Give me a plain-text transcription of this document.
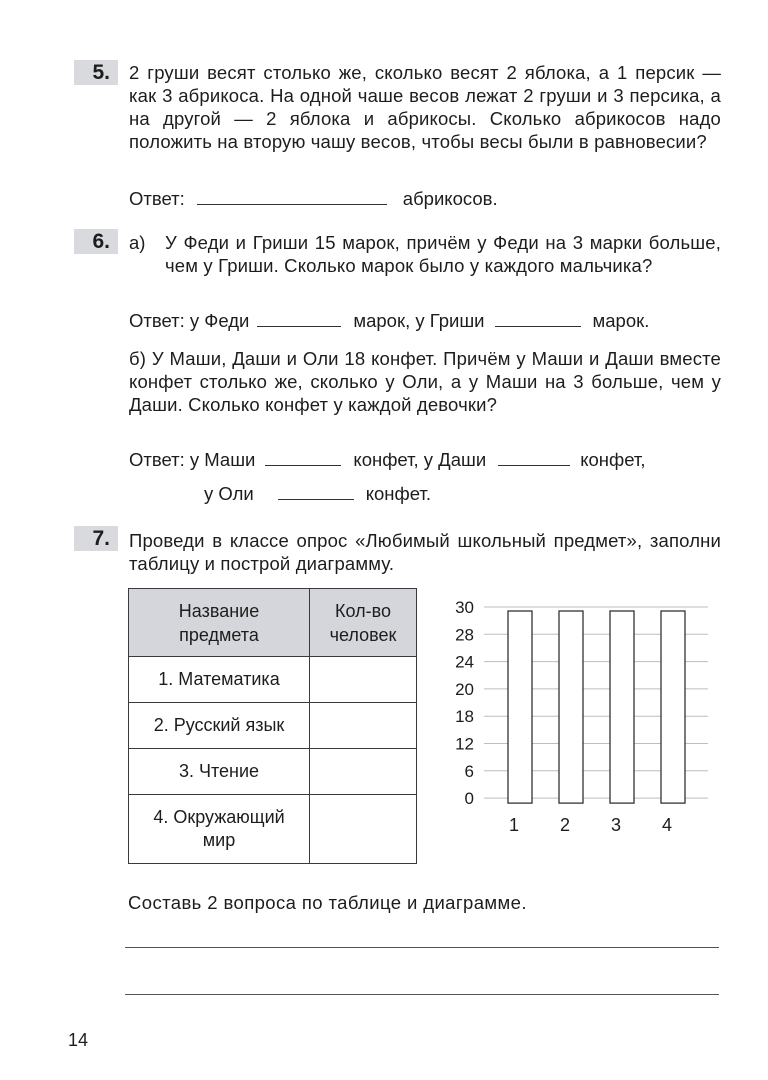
5.	2 груши весят столько же, сколько весят 2 яблока, а 1 персик — как 3 абрикоса. На одной чаше весов лежат 2 груши и 3 персика, а на другой — 2 яблока и абрикосы. Сколько абрикосов надо положить на вторую чашу весов, чтобы весы были в равновесии?

Ответ:	абрикосов.
6.	а) У Феди и Гриши 15 марок, причём у Феди на 3 марки больше, чем у Гриши. Сколько марок было у каждого мальчика?

Ответ: у Феди	марок, у Гриши	марок.

б) У Маши, Даши и Оли 18 конфет. Причём у Маши и Даши вместе конфет столько же, сколько у Оли, а у Маши на 3 больше, чем у Даши. Сколько конфет у каждой девочки?

Ответ: у Маши	конфет, у Даши	конфет,
у Оли	конфет.
7.	Проведи в классе опрос «Любимый школьный предмет», заполни таблицу и построй диаграмму.

Название предмета	Кол-во человек

1. Математика	
2. Русский язык	
3. Чтение	

4. Окружающий мир	

30
28
24
20
18
12
6
0
1 2 3 4
Составь 2 вопроса по таблице и диаграмме.
14
